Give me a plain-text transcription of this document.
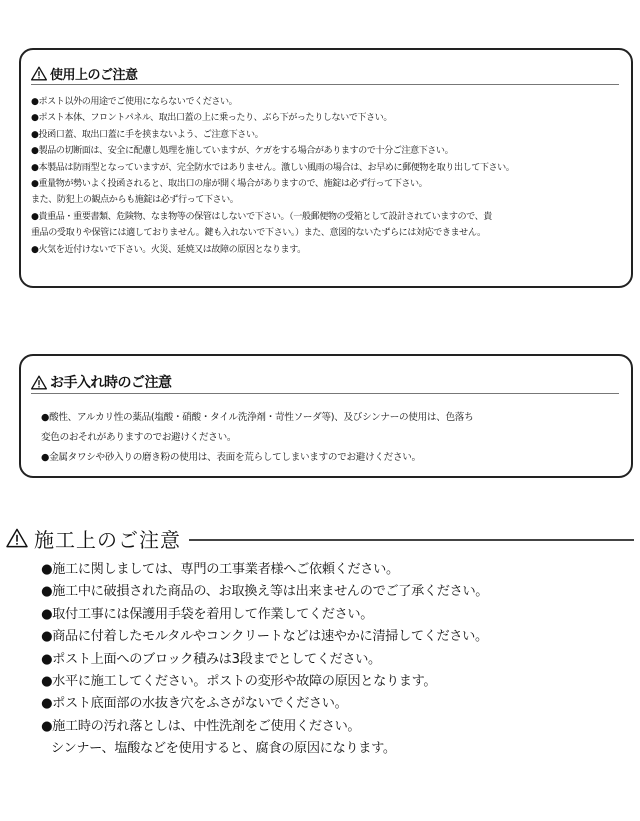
使用上のご注意
●ポスト以外の用途でご使用にならないでください。
●ポスト本体、フロントパネル、取出口蓋の上に乗ったり、ぶら下がったりしないで下さい。
●投函口蓋、取出口蓋に手を挟まないよう、ご注意下さい。
●製品の切断面は、安全に配慮し処理を施していますが、ケガをする場合がありますので十分ご注意下さい。
●本製品は防雨型となっていますが、完全防水ではありません。激しい風雨の場合は、お早めに郵便物を取り出して下さい。
●重量物が勢いよく投函されると、取出口の扉が開く場合がありますので、施錠は必ず行って下さい。
また、防犯上の観点からも施錠は必ず行って下さい。
●貴重品・重要書類、危険物、なま物等の保管はしないで下さい。（一般郵便物の受箱として設計されていますので、貴
重品の受取りや保管には適しておりません。鍵も入れないで下さい。）また、意図的ないたずらには対応できません。
●火気を近付けないで下さい。火災、延焼又は故障の原因となります。
お手入れ時のご注意
●酸性、アルカリ性の薬品(塩酸・硝酸・タイル洗浄剤・苛性ソーダ等)、及びシンナーの使用は、色落ち
変色のおそれがありますのでお避けください。
●金属タワシや砂入りの磨き粉の使用は、表面を荒らしてしまいますのでお避けください。
施工上のご注意
●施工に関しましては、専門の工事業者様へご依頼ください。
●施工中に破損された商品の、お取換え等は出来ませんのでご了承ください。
●取付工事には保護用手袋を着用して作業してください。
●商品に付着したモルタルやコンクリートなどは速やかに清掃してください。
●ポスト上面へのブロック積みは3段までとしてください。
●水平に施工してください。ポストの変形や故障の原因となります。
●ポスト底面部の水抜き穴をふさがないでください。
●施工時の汚れ落としは、中性洗剤をご使用ください。
シンナー、塩酸などを使用すると、腐食の原因になります。
